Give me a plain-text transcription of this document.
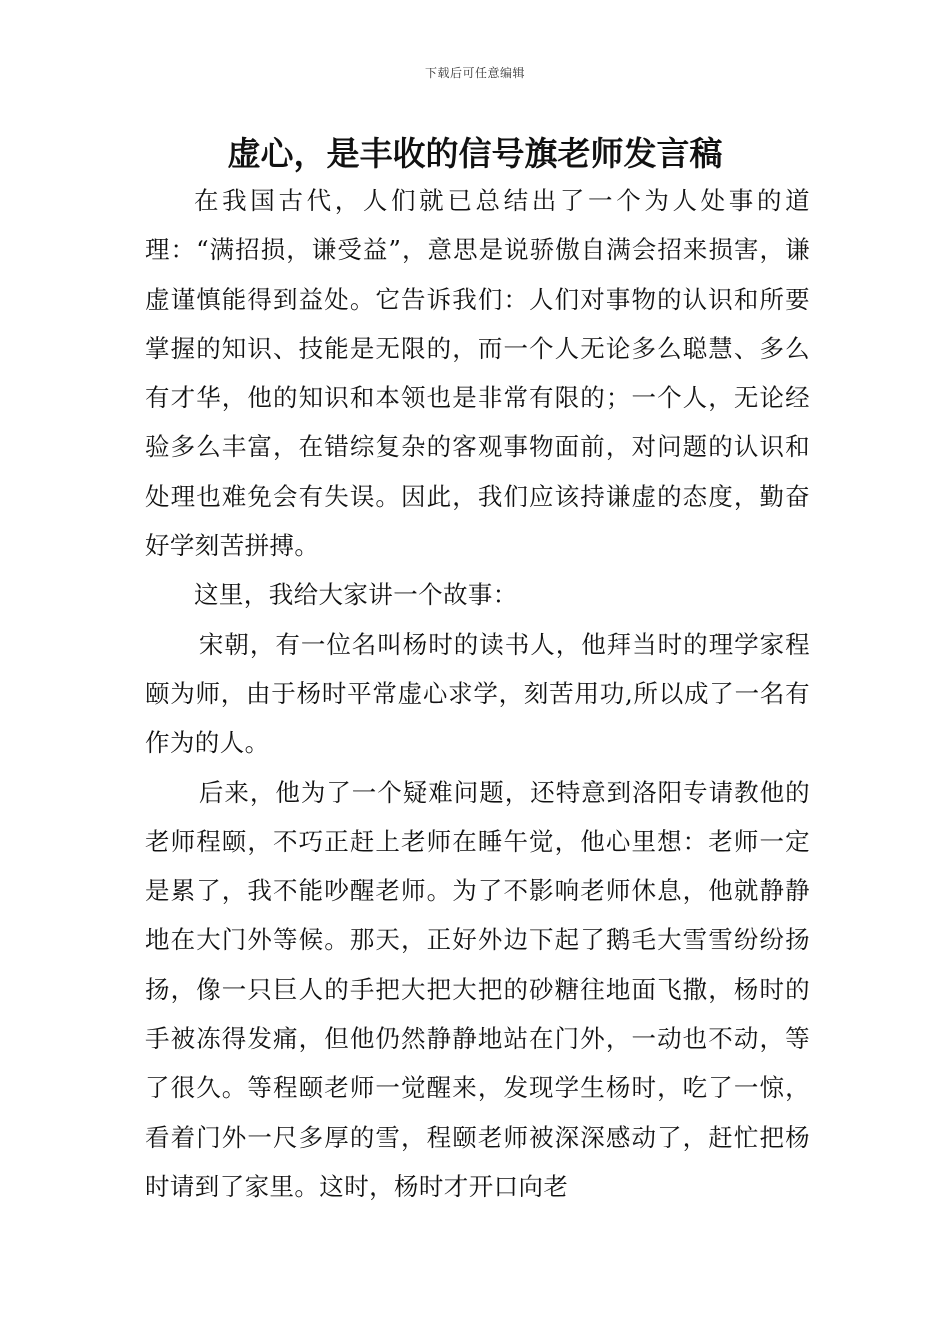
下载后可任意编辑
虚心，是丰收的信号旗老师发言稿

在我国古代，人们就已总结出了一个为人处事的道理：“满招损，谦受益”，意思是说骄傲自满会招来损害，谦虚谨慎能得到益处。它告诉我们：人们对事物的认识和所要掌握的知识、技能是无限的，而一个人无论多么聪慧、多么有才华，他的知识和本领也是非常有限的；一个人，无论经验多么丰富，在错综复杂的客观事物面前，对问题的认识和处理也难免会有失误。因此，我们应该持谦虚的态度，勤奋好学刻苦拼搏。

这里，我给大家讲一个故事：

宋朝，有一位名叫杨时的读书人，他拜当时的理学家程颐为师，由于杨时平常虚心求学，刻苦用功,所以成了一名有作为的人。

后来，他为了一个疑难问题，还特意到洛阳专请教他的老师程颐，不巧正赶上老师在睡午觉，他心里想：老师一定是累了，我不能吵醒老师。为了不影响老师休息，他就静静地在大门外等候。那天，正好外边下起了鹅毛大雪雪纷纷扬扬，像一只巨人的手把大把大把的砂糖往地面飞撒，杨时的手被冻得发痛，但他仍然静静地站在门外，一动也不动，等了很久。等程颐老师一觉醒来，发现学生杨时，吃了一惊，看着门外一尺多厚的雪，程颐老师被深深感动了，赶忙把杨时请到了家里。这时，杨时才开口向老
